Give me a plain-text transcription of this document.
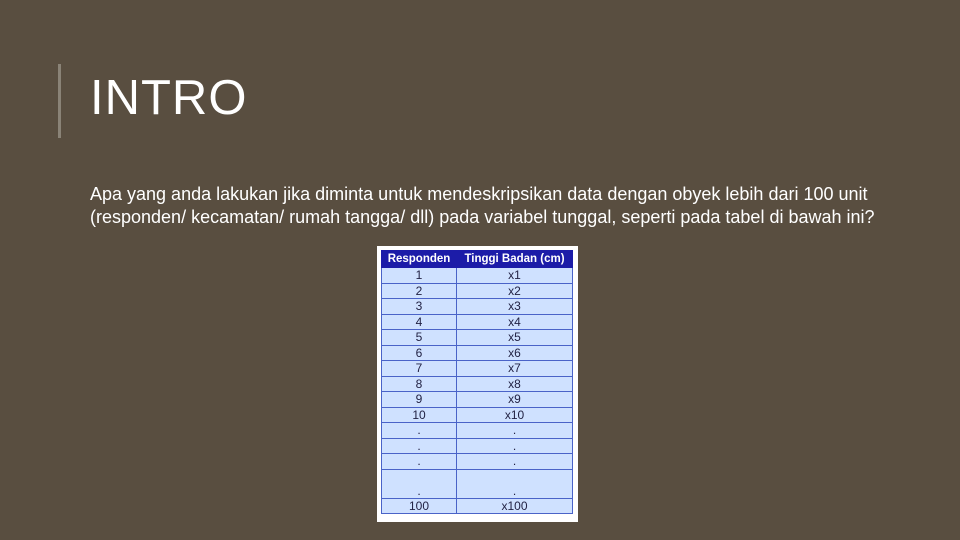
INTRO
Apa yang anda lakukan jika diminta untuk mendeskripsikan data dengan obyek lebih dari 100 unit (responden/ kecamatan/ rumah tangga/ dll) pada variabel tunggal, seperti pada tabel di bawah ini?
Responden	Tinggi Badan (cm)
1	x1
2	x2
3	x3
4	x4
5	x5
6	x6
7	x7
8	x8
9	x9
10	x10
.	.
.	.
.	.
.	.
100	x100
